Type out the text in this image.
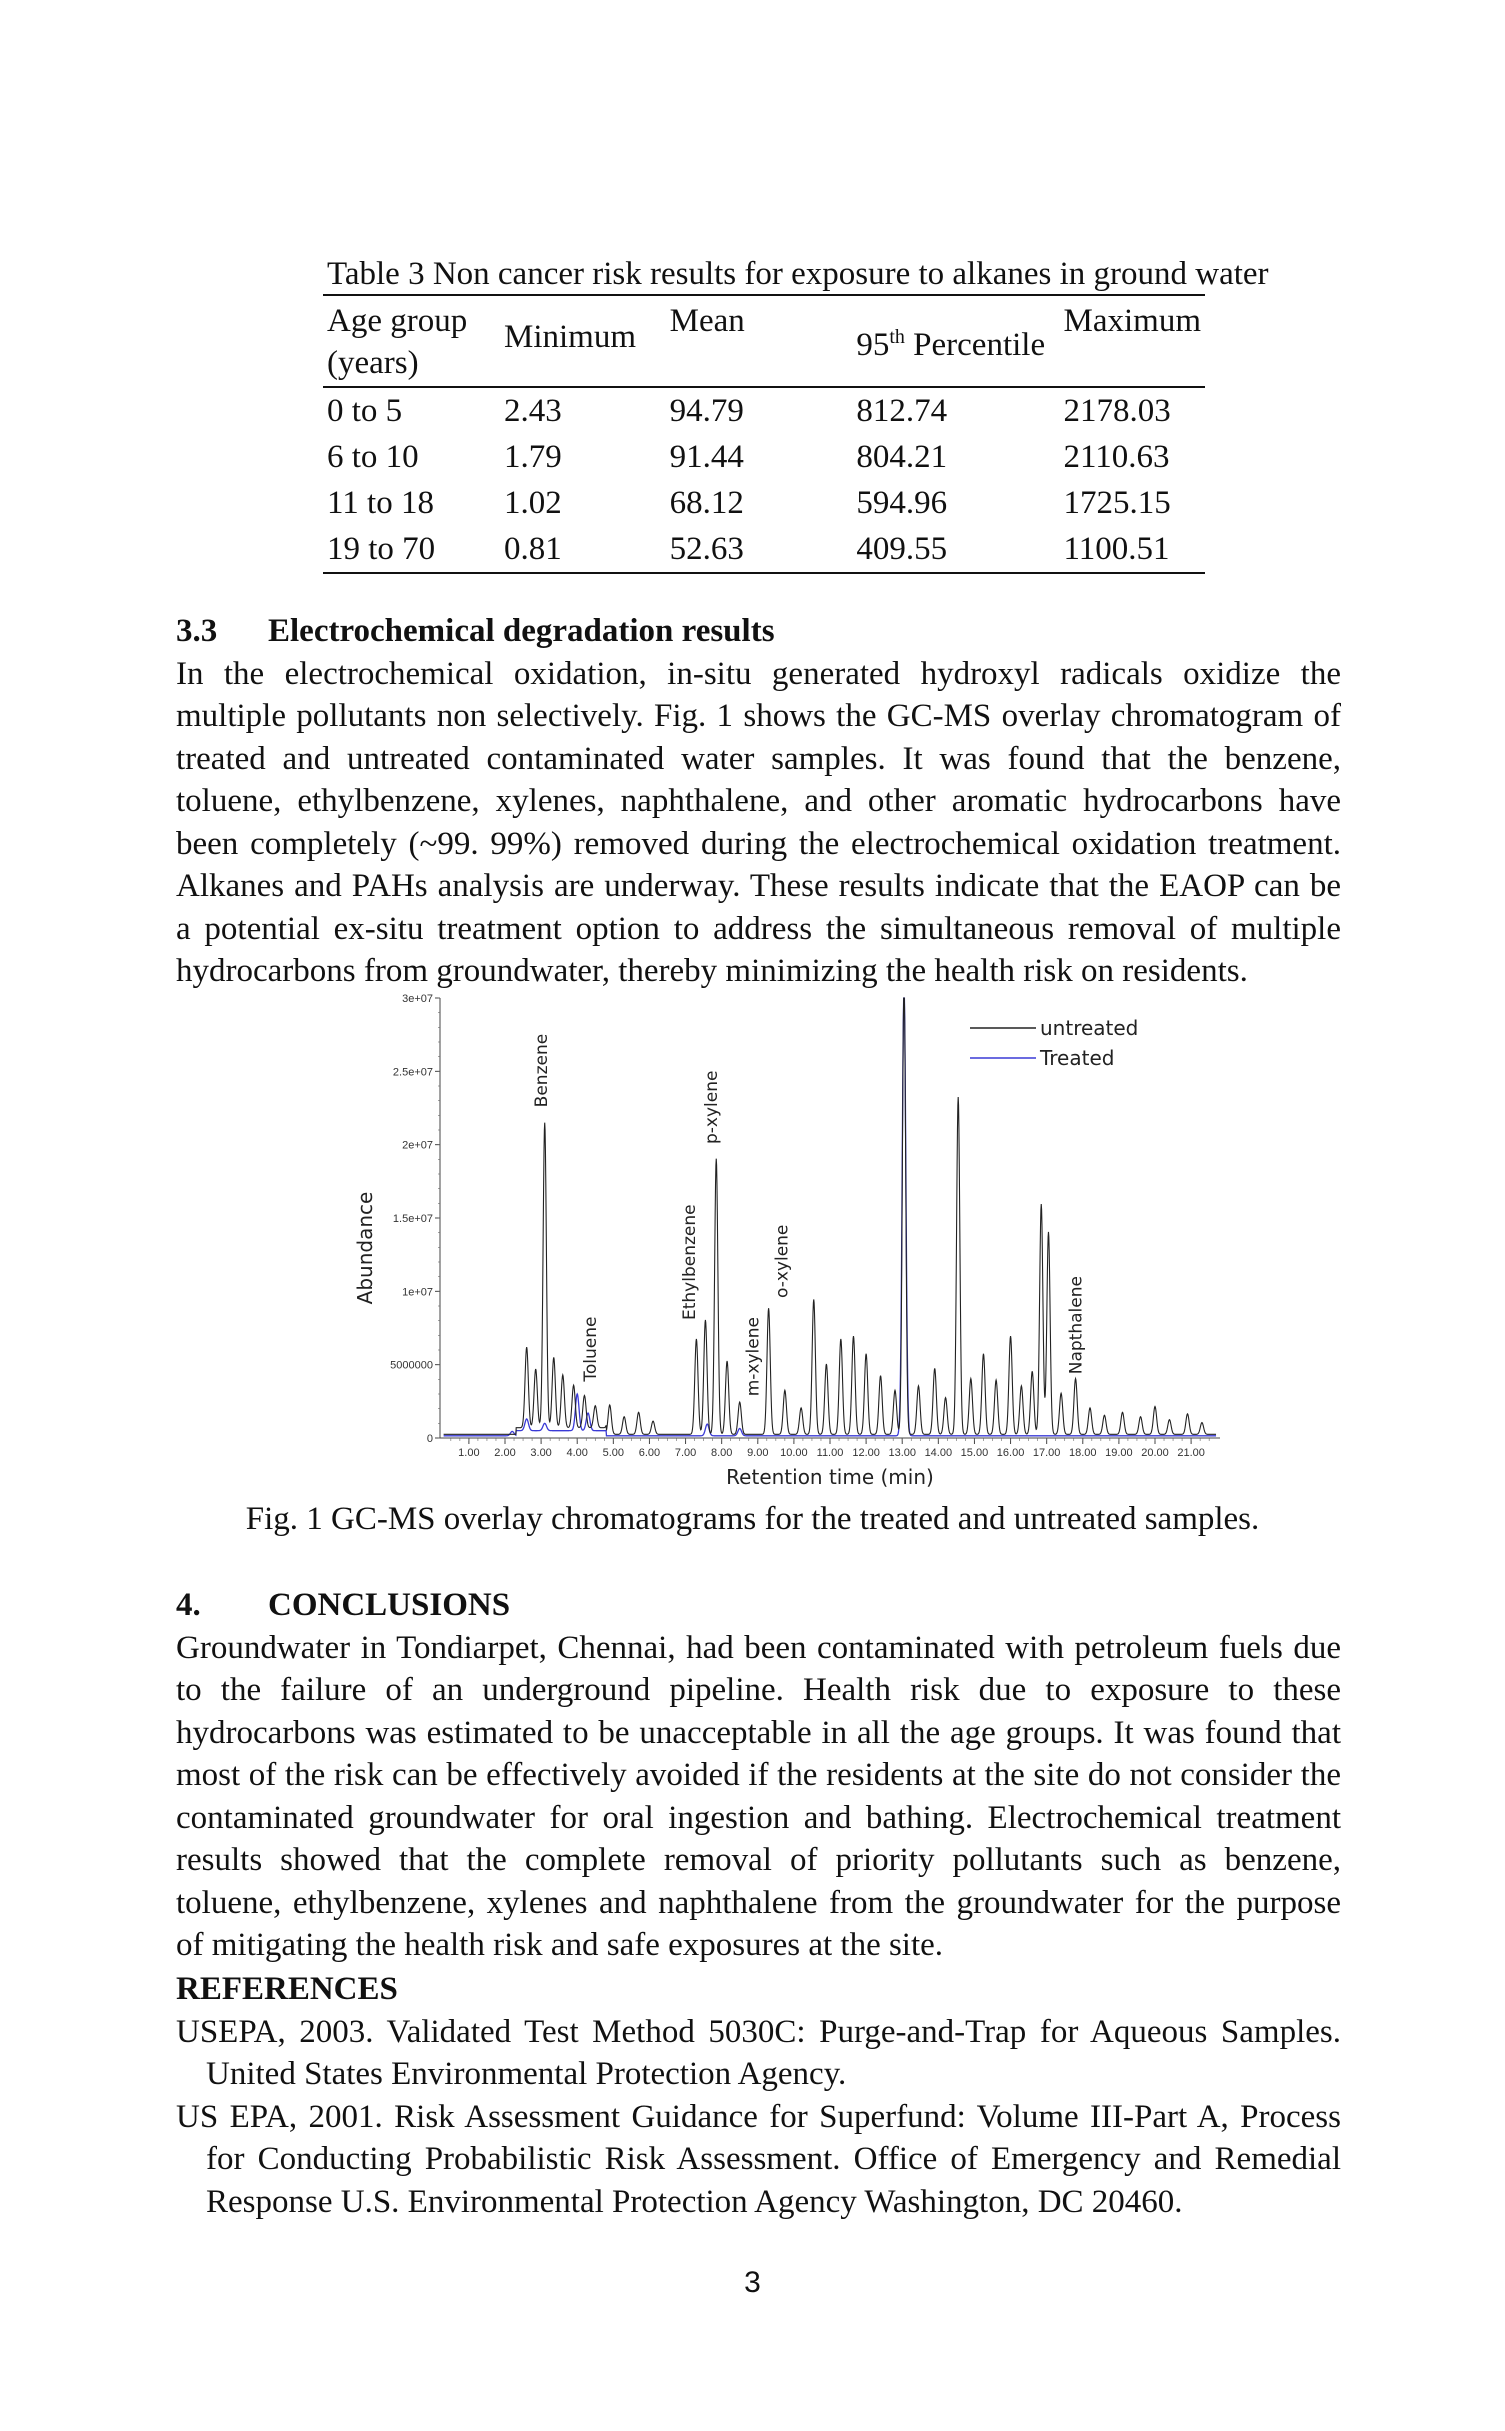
Table 3 Non cancer risk results for exposure to alkanes in ground water
Age group (years)	Minimum	Mean	95th Percentile	Maximum
0 to 5	2.43	94.79	812.74	2178.03
6 to 10	1.79	91.44	804.21	2110.63
11 to 18	1.02	68.12	594.96	1725.15
19 to 70	0.81	52.63	409.55	1100.51
3.3 Electrochemical degradation results
In the electrochemical oxidation, in-situ generated hydroxyl radicals oxidize the multiple pollutants non selectively. Fig. 1 shows the GC-MS overlay chromatogram of treated and untreated contaminated water samples. It was found that the benzene, toluene, ethylbenzene, xylenes, naphthalene, and other aromatic hydrocarbons have been completely (~99. 99%) removed during the electrochemical oxidation treatment. Alkanes and PAHs analysis are underway. These results indicate that the EAOP can be a potential ex-situ treatment option to address the simultaneous removal of multiple hydrocarbons from groundwater, thereby minimizing the health risk on residents.
0
5000000
1e+07
1.5e+07
2e+07
2.5e+07
3e+07
1.00 2.00 3.00 4.00 5.00 6.00 7.00 8.00 9.00 10.00 11.00 12.00 13.00 14.00 15.00 16.00 17.00 18.00 19.00 20.00 21.00
Retention time (min)
Abundance
Benzene
Toluene
Ethylbenzene
p-xylene
m-xylene
o-xylene
Napthalene
untreated
Treated
Fig. 1 GC-MS overlay chromatograms for the treated and untreated samples.
4. CONCLUSIONS
Groundwater in Tondiarpet, Chennai, had been contaminated with petroleum fuels due to the failure of an underground pipeline. Health risk due to exposure to these hydrocarbons was estimated to be unacceptable in all the age groups. It was found that most of the risk can be effectively avoided if the residents at the site do not consider the contaminated groundwater for oral ingestion and bathing. Electrochemical treatment results showed that the complete removal of priority pollutants such as benzene, toluene, ethylbenzene, xylenes and naphthalene from the groundwater for the purpose of mitigating the health risk and safe exposures at the site.
REFERENCES
USEPA, 2003. Validated Test Method 5030C: Purge-and-Trap for Aqueous Samples. United States Environmental Protection Agency.
US EPA, 2001. Risk Assessment Guidance for Superfund: Volume III-Part A, Process for Conducting Probabilistic Risk Assessment. Office of Emergency and Remedial Response U.S. Environmental Protection Agency Washington, DC 20460.
3
